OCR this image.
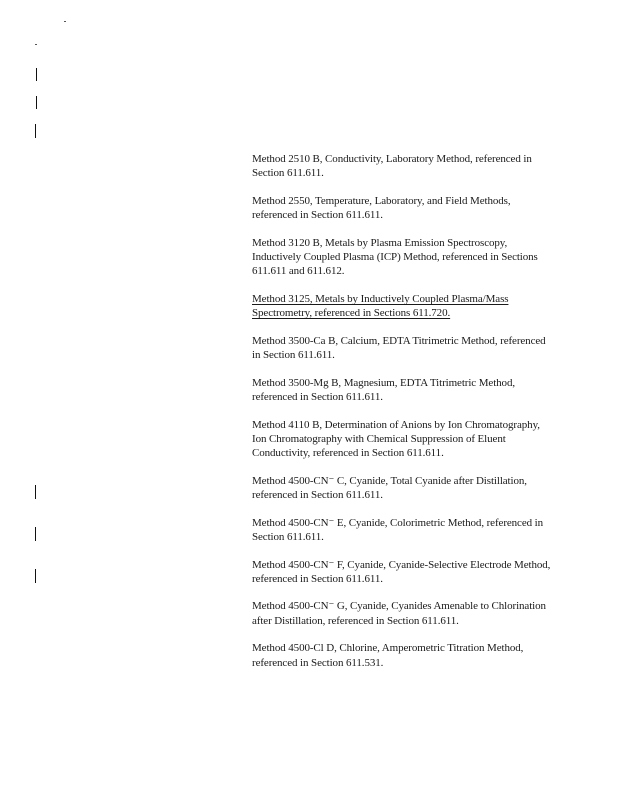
Method 2510 B, Conductivity, Laboratory Method, referenced in Section 611.611.

Method 2550, Temperature, Laboratory, and Field Methods, referenced in Section 611.611.

Method 3120 B, Metals by Plasma Emission Spectroscopy, Inductively Coupled Plasma (ICP) Method, referenced in Sections 611.611 and 611.612.

Method 3125, Metals by Inductively Coupled Plasma/Mass Spectrometry, referenced in Sections 611.720.

Method 3500-Ca B, Calcium, EDTA Titrimetric Method, referenced in Section 611.611.

Method 3500-Mg B, Magnesium, EDTA Titrimetric Method, referenced in Section 611.611.

Method 4110 B, Determination of Anions by Ion Chromatography, Ion Chromatography with Chemical Suppression of Eluent Conductivity, referenced in Section 611.611.

Method 4500-CN⁻ C, Cyanide, Total Cyanide after Distillation, referenced in Section 611.611.

Method 4500-CN⁻ E, Cyanide, Colorimetric Method, referenced in Section 611.611.

Method 4500-CN⁻ F, Cyanide, Cyanide-Selective Electrode Method, referenced in Section 611.611.

Method 4500-CN⁻ G, Cyanide, Cyanides Amenable to Chlorination after Distillation, referenced in Section 611.611.

Method 4500-Cl D, Chlorine, Amperometric Titration Method, referenced in Section 611.531.
